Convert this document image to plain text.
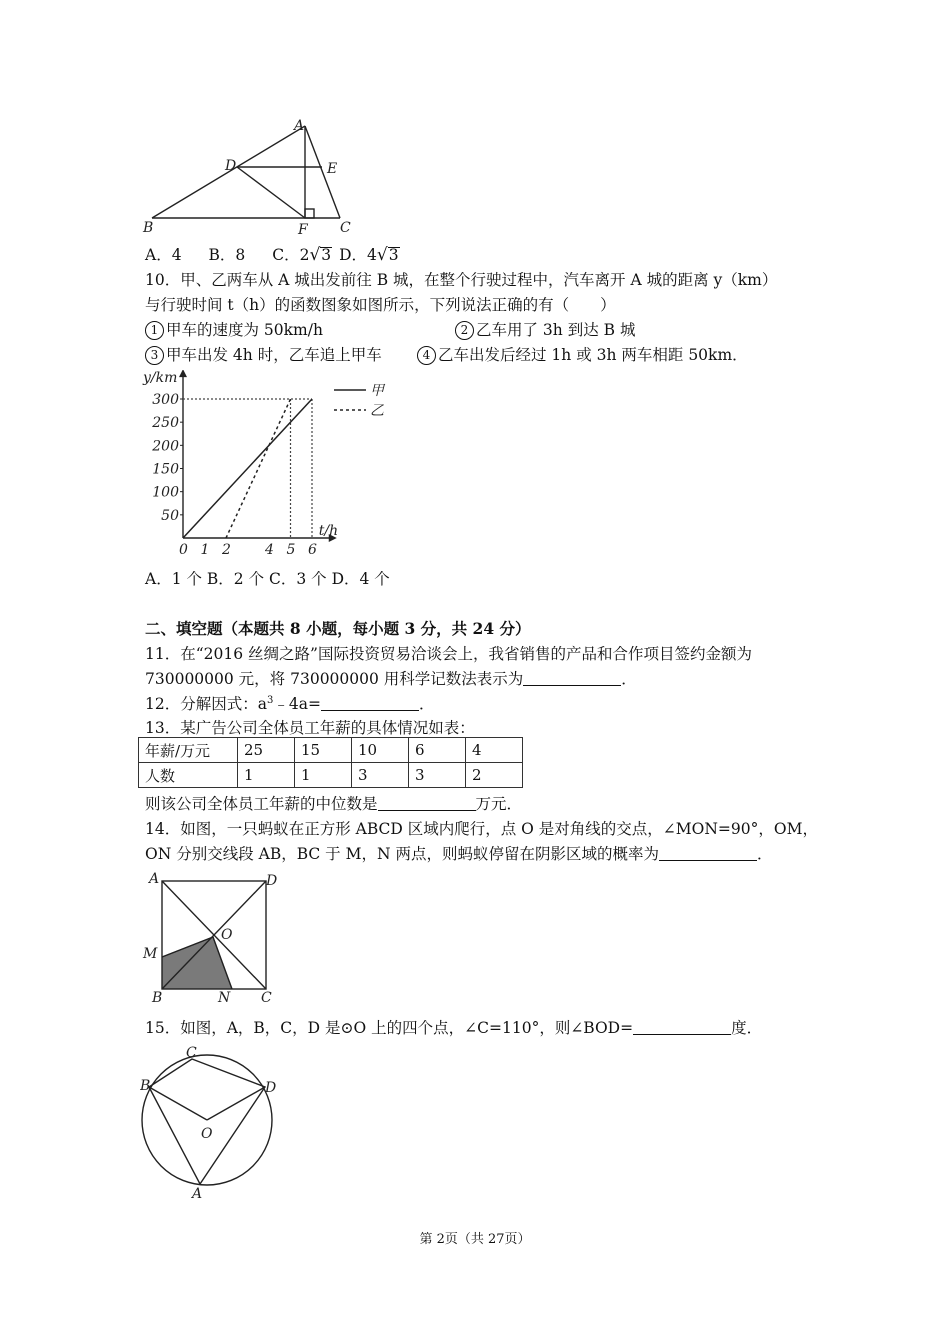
A
D	E
B	F C
A．4 B．8 C．2√3 D．4√3
10．甲、乙两车从 A 城出发前往 B 城，在整个行驶过程中，汽车离开 A 城的距离 y（km）
与行驶时间 t（h）的函数图象如图所示，下列说法正确的有（　　）
1 甲车的速度为 50km/h	2 乙车用了 3h 到达 B 城
3 甲车出发 4h 时，乙车追上甲车	4 乙车出发后经过 1h 或 3h 两车相距 50km．
y/km
t/h
0 1 2 4 5 6
50
100
150
200
250
300
甲
乙
A．1 个 B．2 个 C．3 个 D．4 个
二、填空题（本题共 8 小题，每小题 3 分，共 24 分）
11．在“2016 丝绸之路”国际投资贸易洽谈会上，我省销售的产品和合作项目签约金额为
730000000 元，将 730000000 用科学记数法表示为	．
12．分解因式：$a^3﹣4a=$	．
13．某广告公司全体员工年薪的具体情况如表：
年薪/万元	25	15	10	6	4
人数	1	1	3	3	2
则该公司全体员工年薪的中位数是	万元．
14．如图，一只蚂蚁在正方形 ABCD 区域内爬行，点 O 是对角线的交点，∠MON=90°，OM，
ON 分别交线段 AB，BC 于 M，N 两点，则蚂蚁停留在阴影区域的概率为	．
A	D
O
M
B	N C
15．如图，A，B，C，D 是⊙O 上的四个点，∠C=110°，则∠BOD=	度．
C
B	D
O
A
第 2页（共 27页）
